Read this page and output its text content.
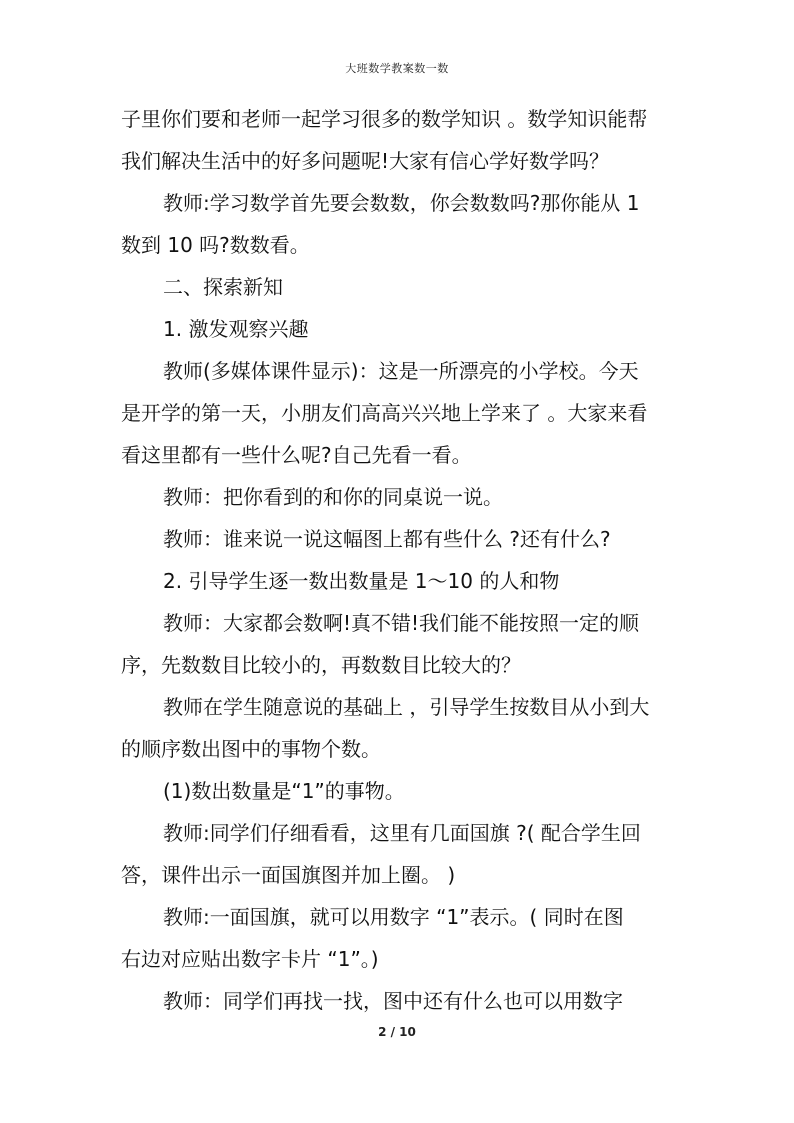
大班数学教案数一数
子里你们要和老师一起学习很多的数学知识 。数学知识能帮
我们解决生活中的好多问题呢!大家有信心学好数学吗？
教师:学习数学首先要会数数，你会数数吗?那你能从 1
数到 10 吗?数数看。
二、探索新知
1. 激发观察兴趣
教师(多媒体课件显示)：这是一所漂亮的小学校。今天
是开学的第一天，小朋友们高高兴兴地上学来了 。大家来看
看这里都有一些什么呢?自己先看一看。
教师：把你看到的和你的同桌说一说。
教师：谁来说一说这幅图上都有些什么 ?还有什么?
2. 引导学生逐一数出数量是 1～10 的人和物
教师：大家都会数啊!真不错!我们能不能按照一定的顺
序，先数数目比较小的，再数数目比较大的？
教师在学生随意说的基础上 ，引导学生按数目从小到大
的顺序数出图中的事物个数。
(1)数出数量是“1”的事物。
教师:同学们仔细看看，这里有几面国旗 ?( 配合学生回
答，课件出示一面国旗图并加上圈。 )
教师:一面国旗，就可以用数字 “1”表示。( 同时在图
右边对应贴出数字卡片 “1”。)
教师：同学们再找一找，图中还有什么也可以用数字
2 / 10
